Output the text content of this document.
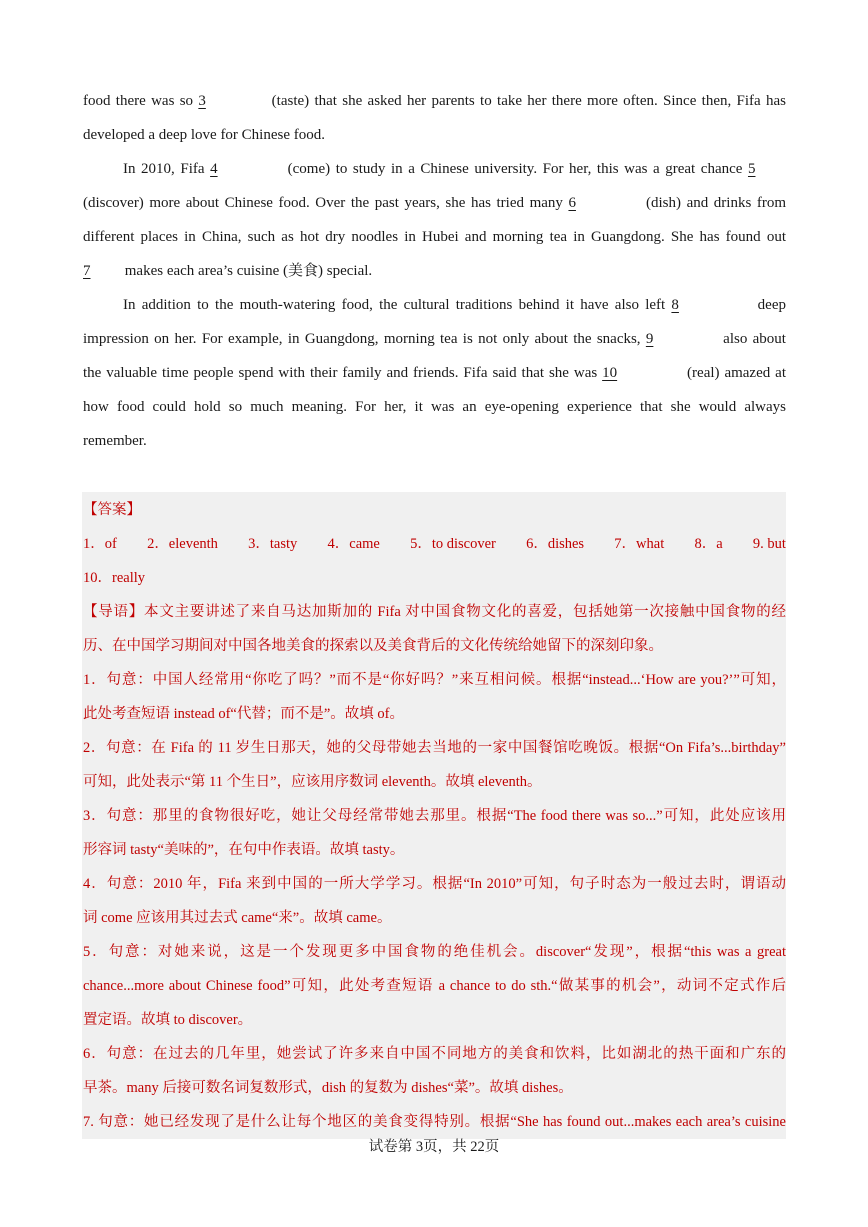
food there was so 3	(taste) that she asked her parents to take her there more often. Since then, Fifa has
developed a deep love for Chinese food.
In 2010, Fifa 4	(come) to study in a Chinese university. For her, this was a great chance 5
(discover) more about Chinese food. Over the past years, she has tried many 6	(dish) and drinks from
different places in China, such as hot dry noodles in Hubei and morning tea in Guangdong. She has found out
7 makes each area’s cuisine (美食) special.
In addition to the mouth-watering food, the cultural traditions behind it have also left 8	deep
impression on her. For example, in Guangdong, morning tea is not only about the snacks, 9	also about
the valuable time people spend with their family and friends. Fifa said that she was 10	(real) amazed at
how food could hold so much meaning. For her, it was an eye-opening experience that she would always
remember.
【答案】
1．of 2．eleventh 3．tasty 4．came 5．to discover 6．dishes 7．what 8．a 9. but
10．really
【导语】本文主要讲述了来自马达加斯加的 Fifa 对中国食物文化的喜爱，包括她第一次接触中国食物的经
历、在中国学习期间对中国各地美食的探索以及美食背后的文化传统给她留下的深刻印象。
1．句意：中国人经常用“你吃了吗？”而不是“你好吗？”来互相问候。根据“instead...‘How are you?’”可知，
此处考查短语 instead of“代替；而不是”。故填 of。
2．句意：在 Fifa 的 11 岁生日那天，她的父母带她去当地的一家中国餐馆吃晚饭。根据“On Fifa’s...birthday”
可知，此处表示“第 11 个生日”，应该用序数词 eleventh。故填 eleventh。
3．句意：那里的食物很好吃，她让父母经常带她去那里。根据“The food there was so...”可知，此处应该用
形容词 tasty“美味的”，在句中作表语。故填 tasty。
4．句意：2010 年，Fifa 来到中国的一所大学学习。根据“In 2010”可知，句子时态为一般过去时，谓语动
词 come 应该用其过去式 came“来”。故填 came。
5．句意：对她来说，这是一个发现更多中国食物的绝佳机会。discover“发现”，根据“this was a great
chance...more about Chinese food”可知，此处考查短语 a chance to do sth.“做某事的机会”，动词不定式作后
置定语。故填 to discover。
6．句意：在过去的几年里，她尝试了许多来自中国不同地方的美食和饮料，比如湖北的热干面和广东的
早茶。many 后接可数名词复数形式，dish 的复数为 dishes“菜”。故填 dishes。
7. 句意：她已经发现了是什么让每个地区的美食变得特别。根据“She has found out...makes each area’s cuisine
试卷第 3页，共 22页
